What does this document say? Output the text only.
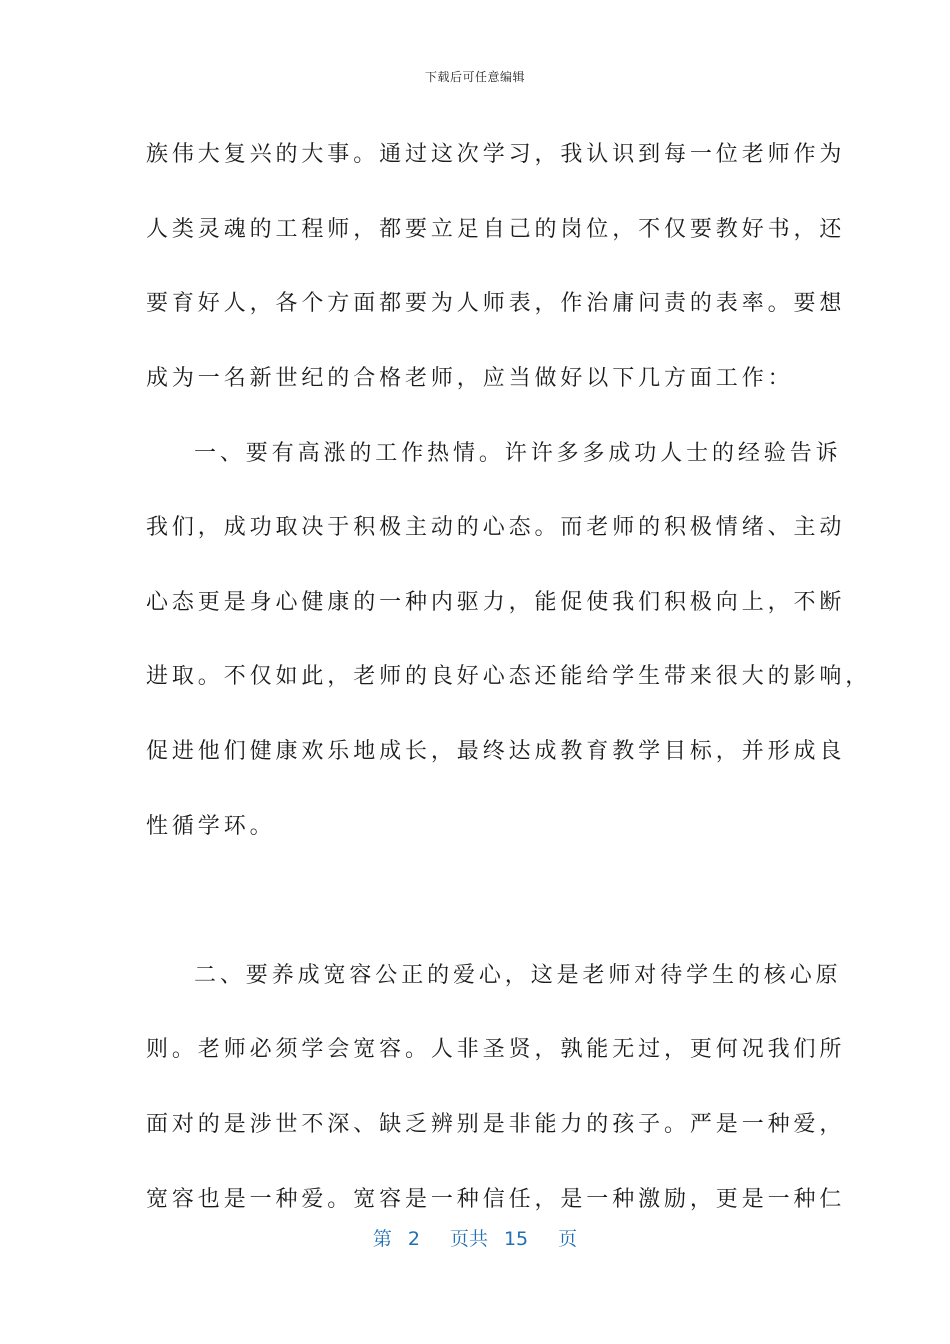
下载后可任意编辑
族伟大复兴的大事。通过这次学习，我认识到每一位老师作为
人类灵魂的工程师，都要立足自己的岗位，不仅要教好书，还
要育好人，各个方面都要为人师表，作治庸问责的表率。要想
成为一名新世纪的合格老师，应当做好以下几方面工作：
一、要有高涨的工作热情。许许多多成功人士的经验告诉
我们，成功取决于积极主动的心态。而老师的积极情绪、主动
心态更是身心健康的一种内驱力，能促使我们积极向上，不断
进取。不仅如此，老师的良好心态还能给学生带来很大的影响，
促进他们健康欢乐地成长，最终达成教育教学目标，并形成良
性循学环。
二、要养成宽容公正的爱心，这是老师对待学生的核心原
则。老师必须学会宽容。人非圣贤，孰能无过，更何况我们所
面对的是涉世不深、缺乏辨别是非能力的孩子。严是一种爱，
宽容也是一种爱。宽容是一种信任，是一种激励，更是一种仁
第 2 页共 15 页
